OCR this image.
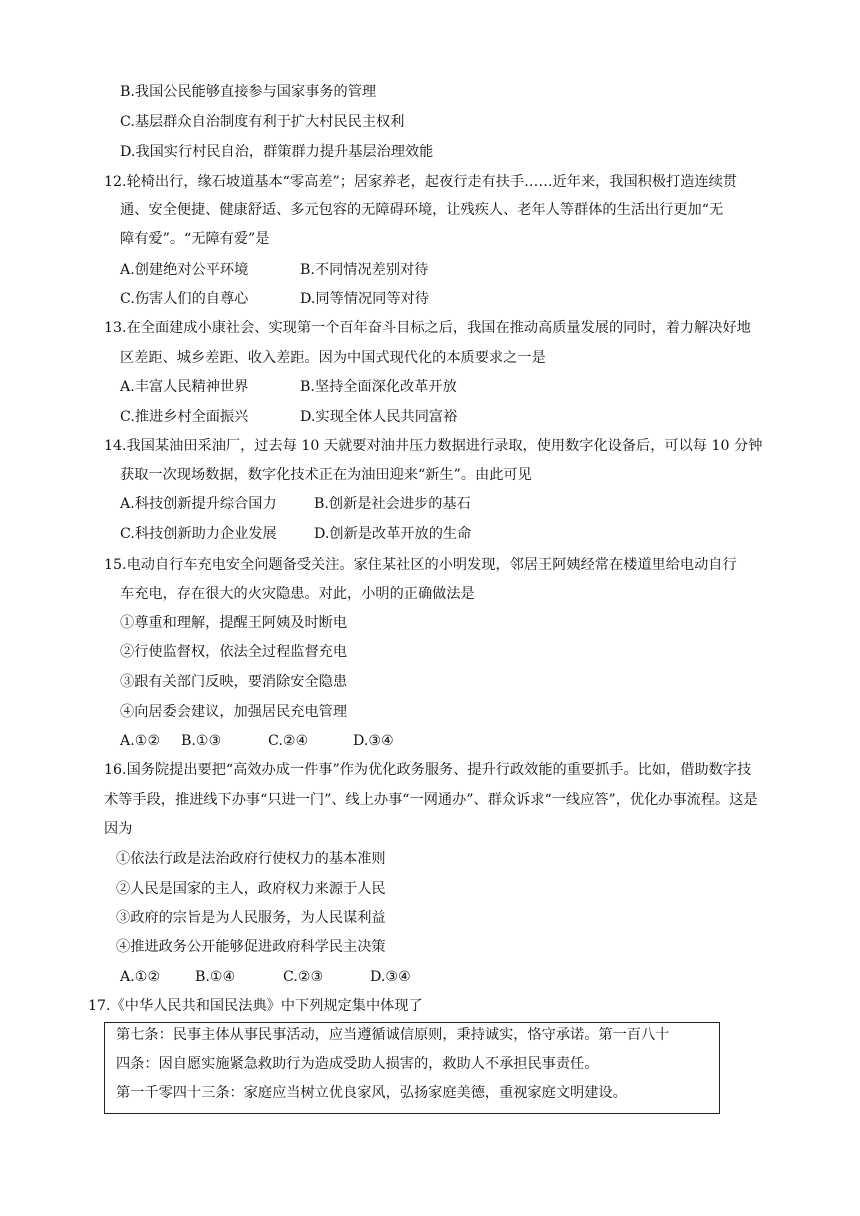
B.我国公民能够直接参与国家事务的管理
C.基层群众自治制度有利于扩大村民民主权利
D.我国实行村民自治，群策群力提升基层治理效能
12.轮椅出行，缘石坡道基本“零高差”；居家养老，起夜行走有扶手……近年来，我国积极打造连续贯
通、安全便捷、健康舒适、多元包容的无障碍环境，让残疾人、老年人等群体的生活出行更加“无
障有爱”。“无障有爱”是
A.创建绝对公平环境	B.不同情况差别对待
C.伤害人们的自尊心	D.同等情况同等对待
13.在全面建成小康社会、实现第一个百年奋斗目标之后，我国在推动高质量发展的同时，着力解决好地
区差距、城乡差距、收入差距。因为中国式现代化的本质要求之一是
A.丰富人民精神世界	B.坚持全面深化改革开放
C.推进乡村全面振兴	D.实现全体人民共同富裕
14.我国某油田采油厂，过去每 10 天就要对油井压力数据进行录取，使用数字化设备后，可以每 10 分钟
获取一次现场数据，数字化技术正在为油田迎来“新生”。由此可见
A.科技创新提升综合国力	B.创新是社会进步的基石
C.科技创新助力企业发展	D.创新是改革开放的生命
15.电动自行车充电安全问题备受关注。家住某社区的小明发现，邻居王阿姨经常在楼道里给电动自行
车充电，存在很大的火灾隐患。对此，小明的正确做法是
①尊重和理解，提醒王阿姨及时断电
②行使监督权，依法全过程监督充电
③跟有关部门反映，要消除安全隐患
④向居委会建议，加强居民充电管理
A.①② B.①③	C.②④	D.③④
16.国务院提出要把“高效办成一件事”作为优化政务服务、提升行政效能的重要抓手。比如，借助数字技
术等手段，推进线下办事“只进一门”、线上办事“一网通办”、群众诉求“一线应答”，优化办事流程。这是
因为
①依法行政是法治政府行使权力的基本准则
②人民是国家的主人，政府权力来源于人民
③政府的宗旨是为人民服务，为人民谋利益
④推进政务公开能够促进政府科学民主决策
A.①② B.①④	C.②③	D.③④
17.《中华人民共和国民法典》中下列规定集中体现了
第七条：民事主体从事民事活动，应当遵循诚信原则，秉持诚实，恪守承诺。第一百八十
四条：因自愿实施紧急救助行为造成受助人损害的，救助人不承担民事责任。
第一千零四十三条：家庭应当树立优良家风，弘扬家庭美德，重视家庭文明建设。
